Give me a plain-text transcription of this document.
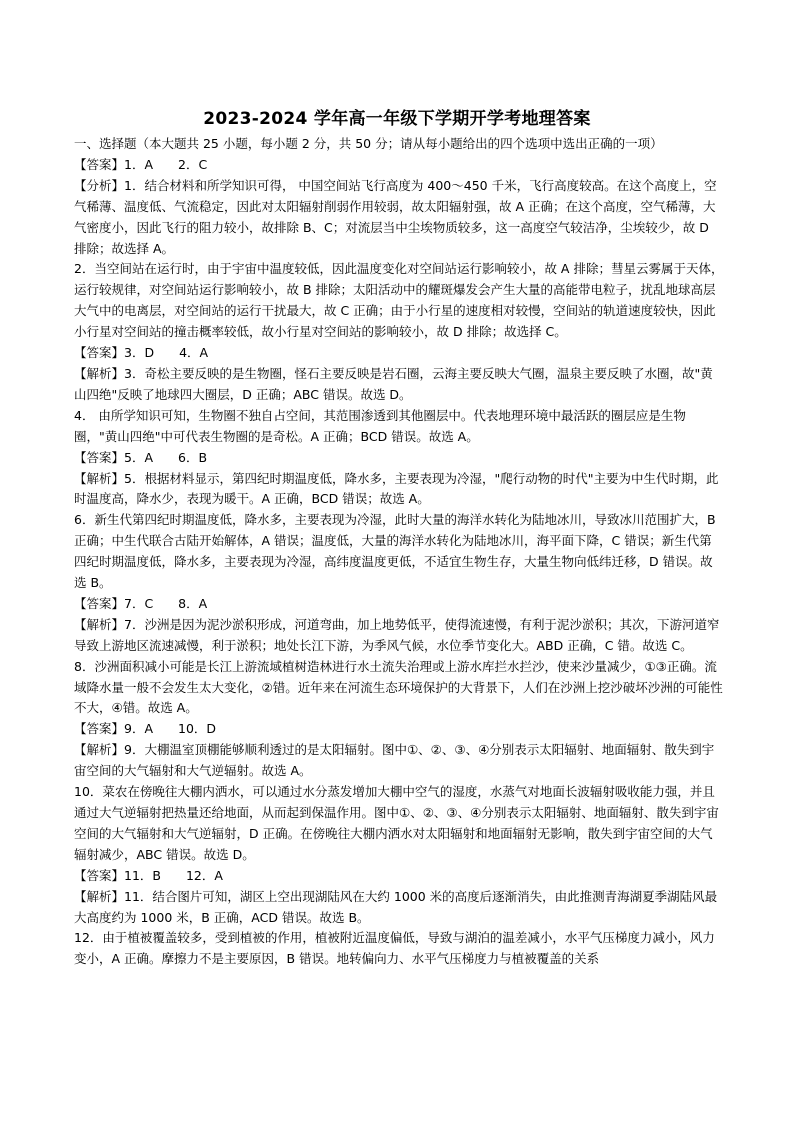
2023-2024 学年高一年级下学期开学考地理答案

一、选择题（本大题共 25 小题，每小题 2 分，共 50 分；请从每小题给出的四个选项中选出正确的一项）

【答案】1．A　　2．C

【分析】1．结合材料和所学知识可得， 中国空间站飞行高度为 400～450 千米，飞行高度较高。在这个高度上，空气稀薄、温度低、气流稳定，因此对太阳辐射削弱作用较弱，故太阳辐射强，故 A 正确；在这个高度，空气稀薄，大气密度小，因此飞行的阻力较小，故排除 B、C；对流层当中尘埃物质较多，这一高度空气较洁净，尘埃较少，故 D 排除；故选择 A。

2．当空间站在运行时，由于宇宙中温度较低，因此温度变化对空间站运行影响较小，故 A 排除；彗星云雾属于天体，运行较规律，对空间站运行影响较小，故 B 排除；太阳活动中的耀斑爆发会产生大量的高能带电粒子，扰乱地球高层大气中的电离层，对空间站的运行干扰最大，故 C 正确；由于小行星的速度相对较慢，空间站的轨道速度较快，因此小行星对空间站的撞击概率较低，故小行星对空间站的影响较小，故 D 排除；故选择 C。

【答案】3．D　　4．A

【解析】3．奇松主要反映的是生物圈，怪石主要反映是岩石圈，云海主要反映大气圈，温泉主要反映了水圈，故"黄山四绝"反映了地球四大圈层，D 正确；ABC 错误。故选 D。

4． 由所学知识可知，生物圈不独自占空间，其范围渗透到其他圈层中。代表地理环境中最活跃的圈层应是生物圈，"黄山四绝"中可代表生物圈的是奇松。A 正确；BCD 错误。故选 A。

【答案】5．A　　6．B

【解析】5．根据材料显示，第四纪时期温度低，降水多，主要表现为冷湿，"爬行动物的时代"主要为中生代时期，此时温度高，降水少，表现为暖干。A 正确，BCD 错误；故选 A。

6．新生代第四纪时期温度低，降水多，主要表现为冷湿，此时大量的海洋水转化为陆地冰川，导致冰川范围扩大，B 正确；中生代联合古陆开始解体，A 错误；温度低，大量的海洋水转化为陆地冰川，海平面下降，C 错误；新生代第四纪时期温度低，降水多，主要表现为冷湿，高纬度温度更低，不适宜生物生存，大量生物向低纬迁移，D 错误。故选 B。

【答案】7．C　　8．A

【解析】7．沙洲是因为泥沙淤积形成，河道弯曲，加上地势低平，使得流速慢，有利于泥沙淤积；其次，下游河道窄导致上游地区流速减慢，利于淤积；地处长江下游，为季风气候，水位季节变化大。ABD 正确，C 错。故选 C。

8．沙洲面积减小可能是长江上游流域植树造林进行水土流失治理或上游水库拦水拦沙，使来沙量减少，①③正确。流域降水量一般不会发生太大变化，②错。近年来在河流生态环境保护的大背景下，人们在沙洲上挖沙破坏沙洲的可能性不大，④错。故选 A。

【答案】9．A　　10．D

【解析】9．大棚温室顶棚能够顺利透过的是太阳辐射。图中①、②、③、④分别表示太阳辐射、地面辐射、散失到宇宙空间的大气辐射和大气逆辐射。故选 A。

10．菜农在傍晚往大棚内洒水，可以通过水分蒸发增加大棚中空气的湿度，水蒸气对地面长波辐射吸收能力强，并且通过大气逆辐射把热量还给地面，从而起到保温作用。图中①、②、③、④分别表示太阳辐射、地面辐射、散失到宇宙空间的大气辐射和大气逆辐射，D 正确。在傍晚往大棚内洒水对太阳辐射和地面辐射无影响，散失到宇宙空间的大气辐射减少，ABC 错误。故选 D。

【答案】11．B　　12．A

【解析】11．结合图片可知，湖区上空出现湖陆风在大约 1000 米的高度后逐渐消失，由此推测青海湖夏季湖陆风最大高度约为 1000 米，B 正确，ACD 错误。故选 B。

12．由于植被覆盖较多，受到植被的作用，植被附近温度偏低，导致与湖泊的温差减小，水平气压梯度力减小，风力变小，A 正确。摩擦力不是主要原因，B 错误。地转偏向力、水平气压梯度力与植被覆盖的关系
